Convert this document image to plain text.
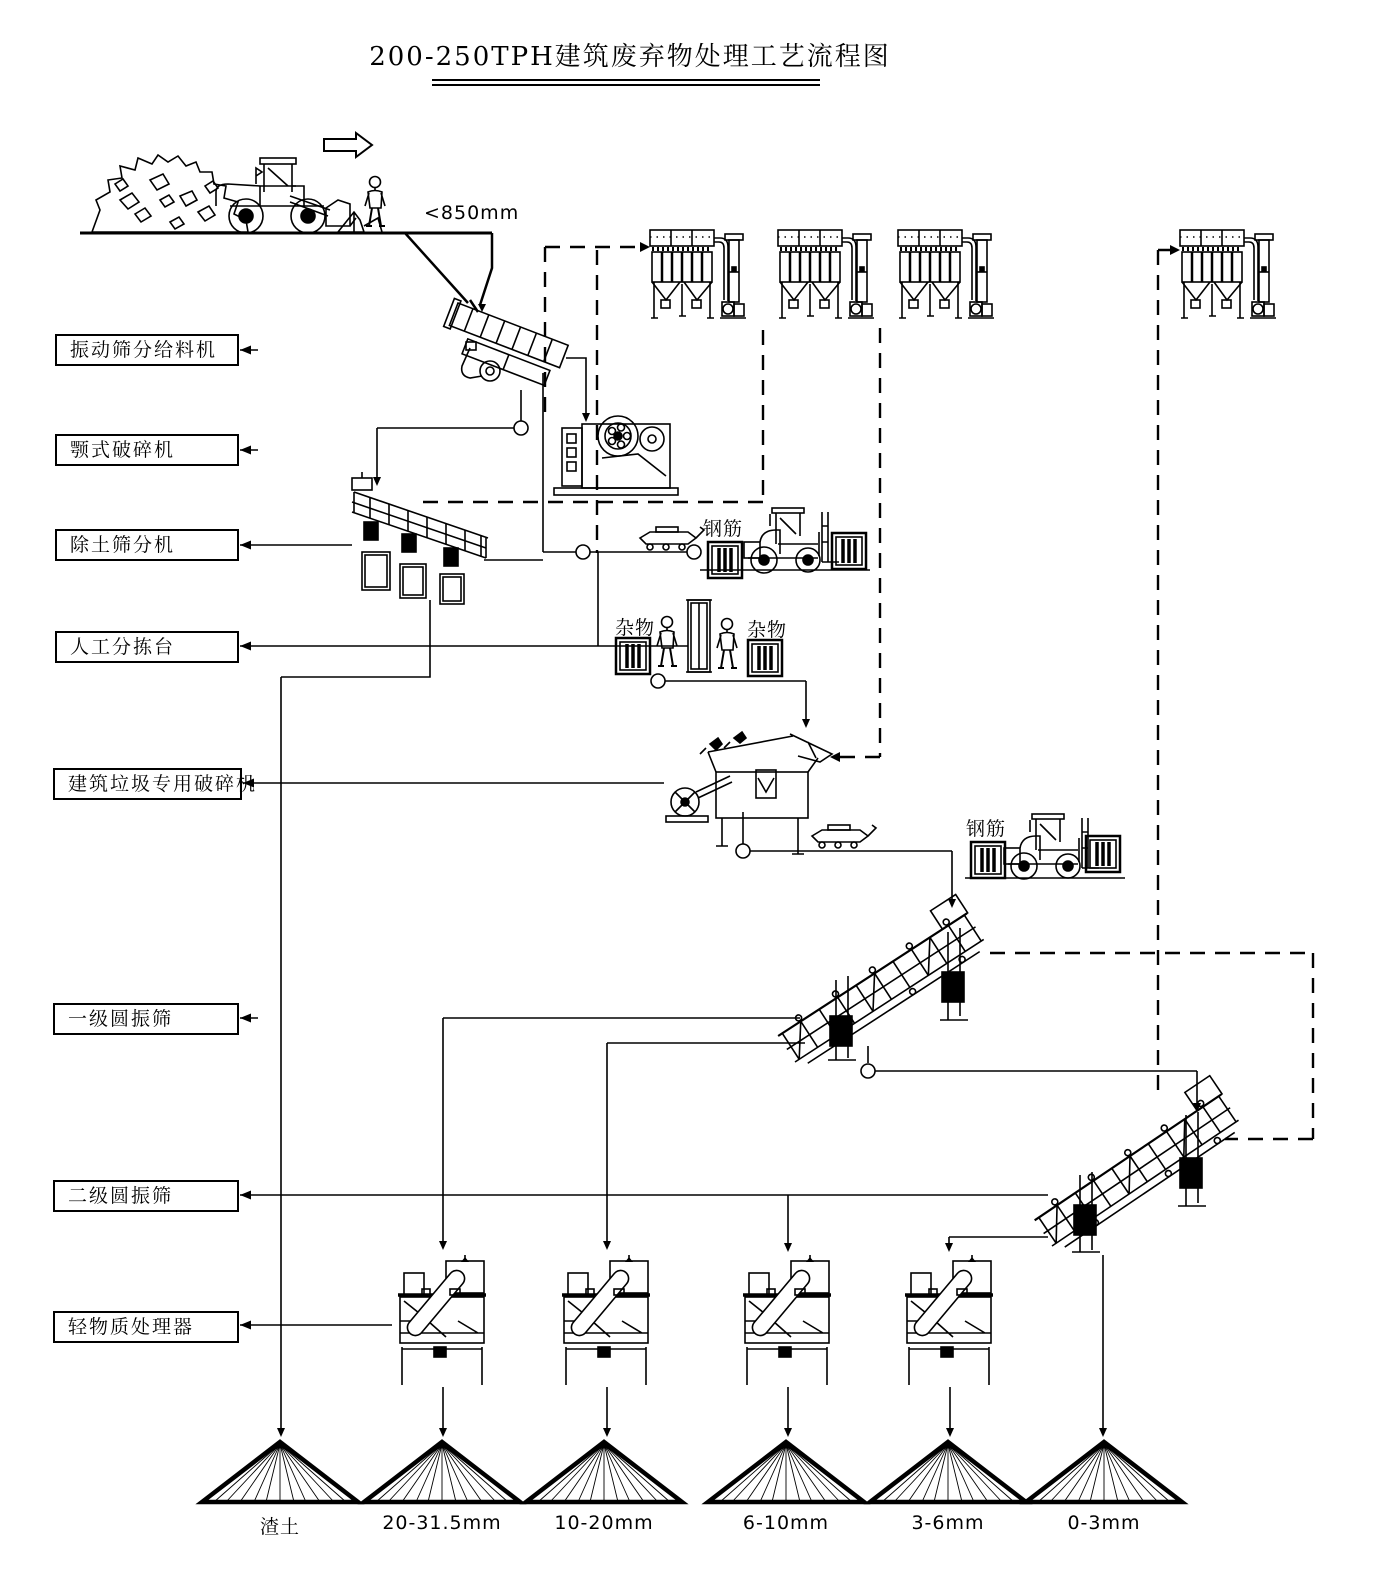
200-250TPH建筑废弃物处理工艺流程图
振动筛分给料机
颚式破碎机
除土筛分机
人工分拣台
建筑垃圾专用破碎机
一级圆振筛
二级圆振筛
轻物质处理器
<850mm
钢筋
钢筋
杂物	杂物
渣土	20-31.5mm	10-20mm	6-10mm	3-6mm	0-3mm
